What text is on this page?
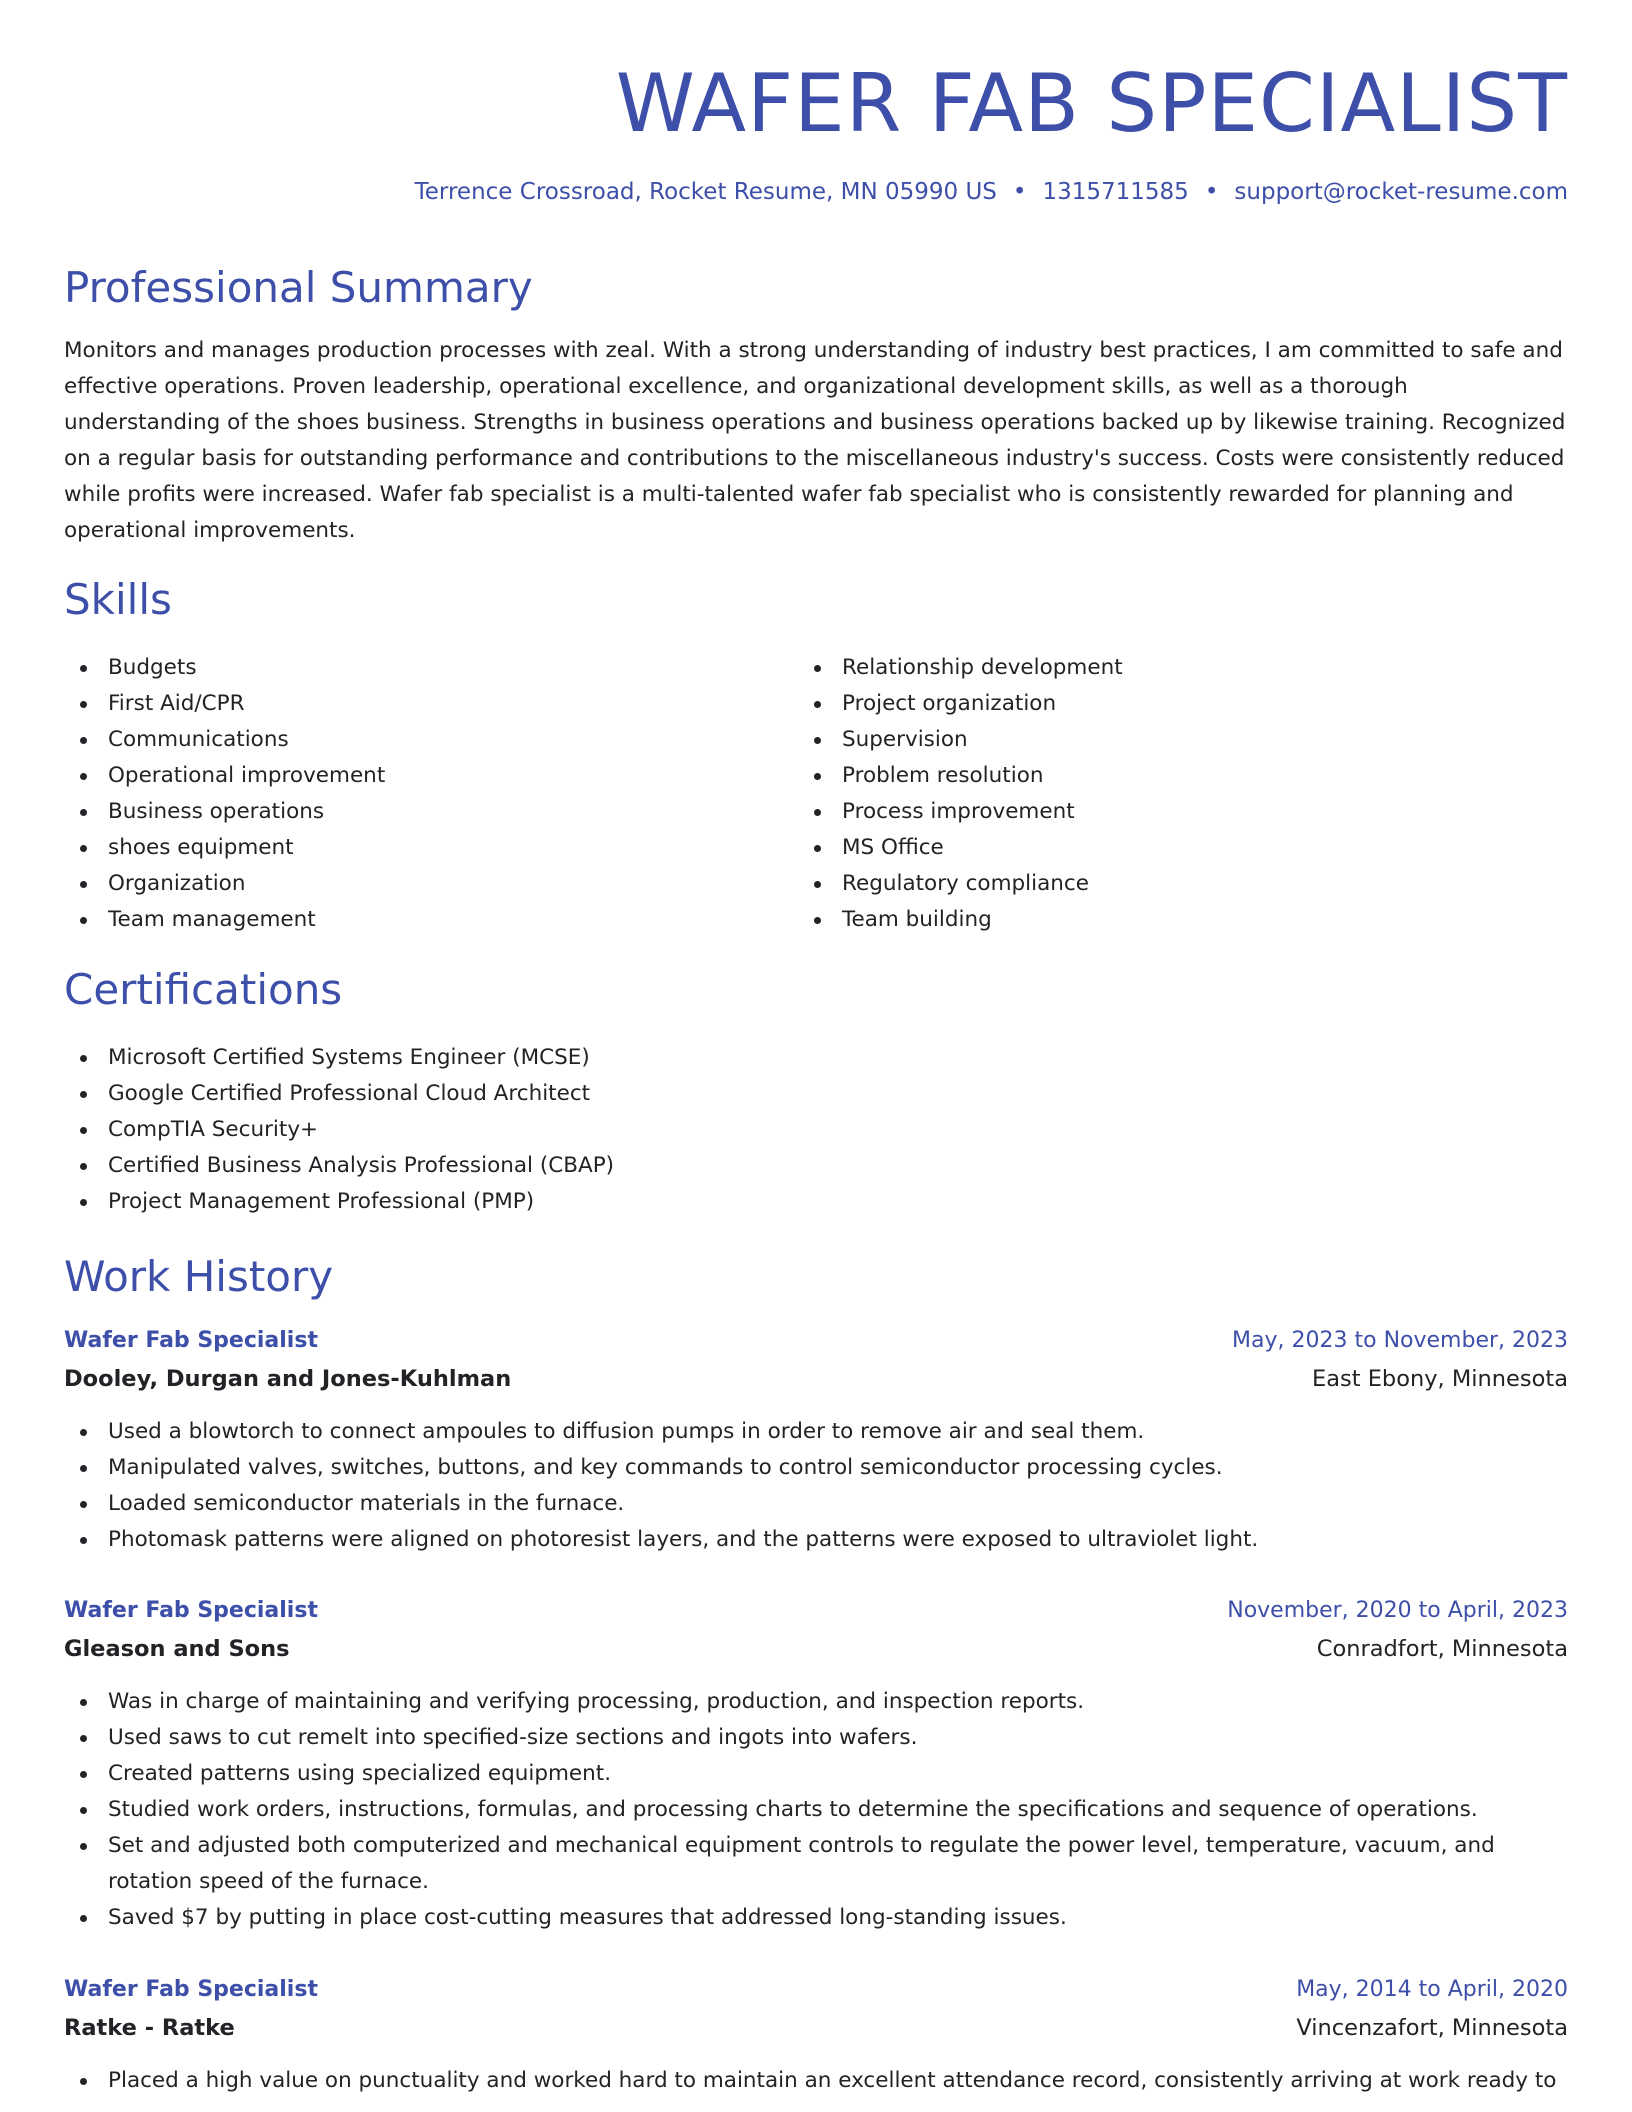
WAFER FAB SPECIALIST
Terrence Crossroad, Rocket Resume, MN 05990 US • 1315711585 • support@rocket-resume.com
Professional Summary

Monitors and manages production processes with zeal. With a strong understanding of industry best practices, I am committed to safe and effective operations. Proven leadership, operational excellence, and organizational development skills, as well as a thorough understanding of the shoes business. Strengths in business operations and business operations backed up by likewise training. Recognized on a regular basis for outstanding performance and contributions to the miscellaneous industry's success. Costs were consistently reduced while profits were increased. Wafer fab specialist is a multi-talented wafer fab specialist who is consistently rewarded for planning and operational improvements.

Skills
Budgets
First Aid/CPR
Communications
Operational improvement
Business operations
shoes equipment
Organization
Team management
Relationship development
Project organization
Supervision
Problem resolution
Process improvement
MS Office
Regulatory compliance
Team building
Certifications
Microsoft Certified Systems Engineer (MCSE)
Google Certified Professional Cloud Architect
CompTIA Security+
Certified Business Analysis Professional (CBAP)
Project Management Professional (PMP)
Work History
Wafer Fab Specialist	May, 2023 to November, 2023
Dooley, Durgan and Jones-Kuhlman	East Ebony, Minnesota
Used a blowtorch to connect ampoules to diffusion pumps in order to remove air and seal them.
Manipulated valves, switches, buttons, and key commands to control semiconductor processing cycles.
Loaded semiconductor materials in the furnace.
Photomask patterns were aligned on photoresist layers, and the patterns were exposed to ultraviolet light.
Wafer Fab Specialist	November, 2020 to April, 2023
Gleason and Sons	Conradfort, Minnesota
Was in charge of maintaining and verifying processing, production, and inspection reports.
Used saws to cut remelt into specified-size sections and ingots into wafers.
Created patterns using specialized equipment.
Studied work orders, instructions, formulas, and processing charts to determine the specifications and sequence of operations.
Set and adjusted both computerized and mechanical equipment controls to regulate the power level, temperature, vacuum, and rotation speed of the furnace.
Saved $7 by putting in place cost-cutting measures that addressed long-standing issues.
Wafer Fab Specialist	May, 2014 to April, 2020
Ratke - Ratke	Vincenzafort, Minnesota
Placed a high value on punctuality and worked hard to maintain an excellent attendance record, consistently arriving at work ready to
